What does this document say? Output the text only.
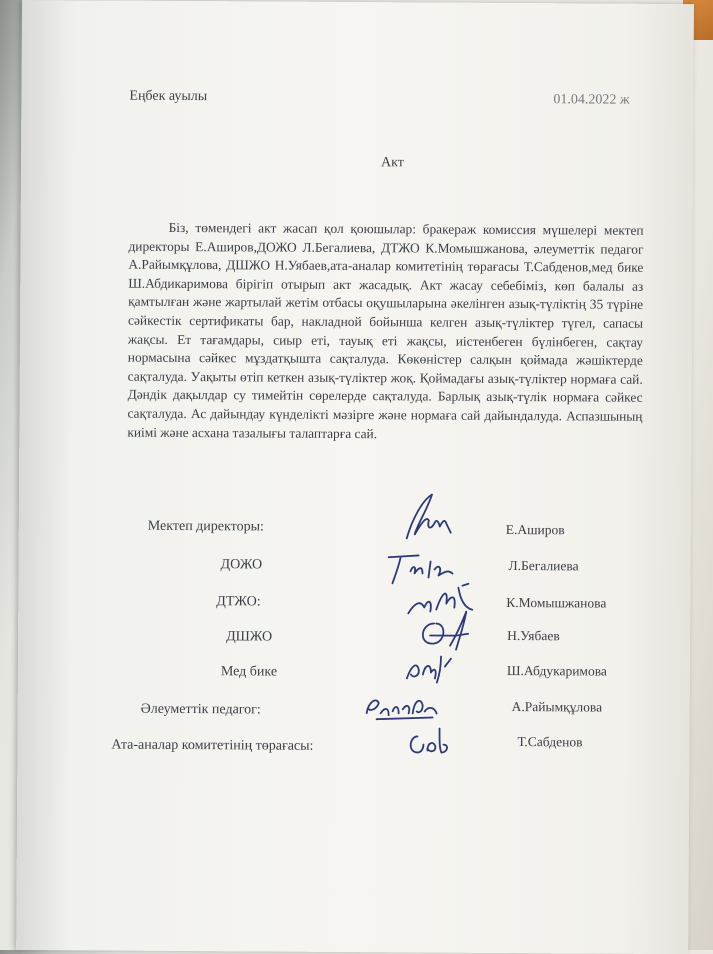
Еңбек ауылы	01.04.2022 ж
Акт
Біз, төмендегі акт жасап қол қоюшылар: бракераж комиссия мүшелері мектеп директоры Е.Аширов,ДОЖО Л.Бегалиева, ДТЖО К.Момышжанова, әлеуметтік педагог А.Райымқұлова, ДШЖО Н.Уябаев,ата-аналар комитетінің төрағасы Т.Сабденов,мед бике Ш.Абдикаримова бірігіп отырып акт жасадық. Акт жасау себебіміз, көп балалы аз қамтылған және жартылай жетім отбасы оқушыларына әкелінген азық-түліктің 35 түріне сәйкестік сертификаты бар, накладной бойынша келген азық-түліктер түгел, сапасы жақсы. Ет тағамдары, сиыр еті, тауық еті жақсы, иістенбеген бүлінбеген, сақтау нормасына сәйкес мұздатқышта сақталуда. Көкөністер салқын қоймада жәшіктерде сақталуда. Уақыты өтіп кеткен азық-түліктер жоқ. Қоймадағы азық-түліктер нормаға сай. Дәндік дақылдар су тимейтін сөрелерде сақталуда. Барлық азық-түлік нормаға сәйкес сақталуда. Ас дайындау күнделікті мәзірге және нормаға сай дайындалуда. Аспазшының киімі және асхана тазалығы талаптарға сай.
Мектеп директоры:	Е.Аширов
ДОЖО	Л.Бегалиева
ДТЖО:	К.Момышжанова
ДШЖО	Н.Уябаев
Мед бике	Ш.Абдукаримова
Әлеуметтік педагог:	А.Райымқұлова
Ата-аналар комитетінің төрағасы:	Т.Сабденов
